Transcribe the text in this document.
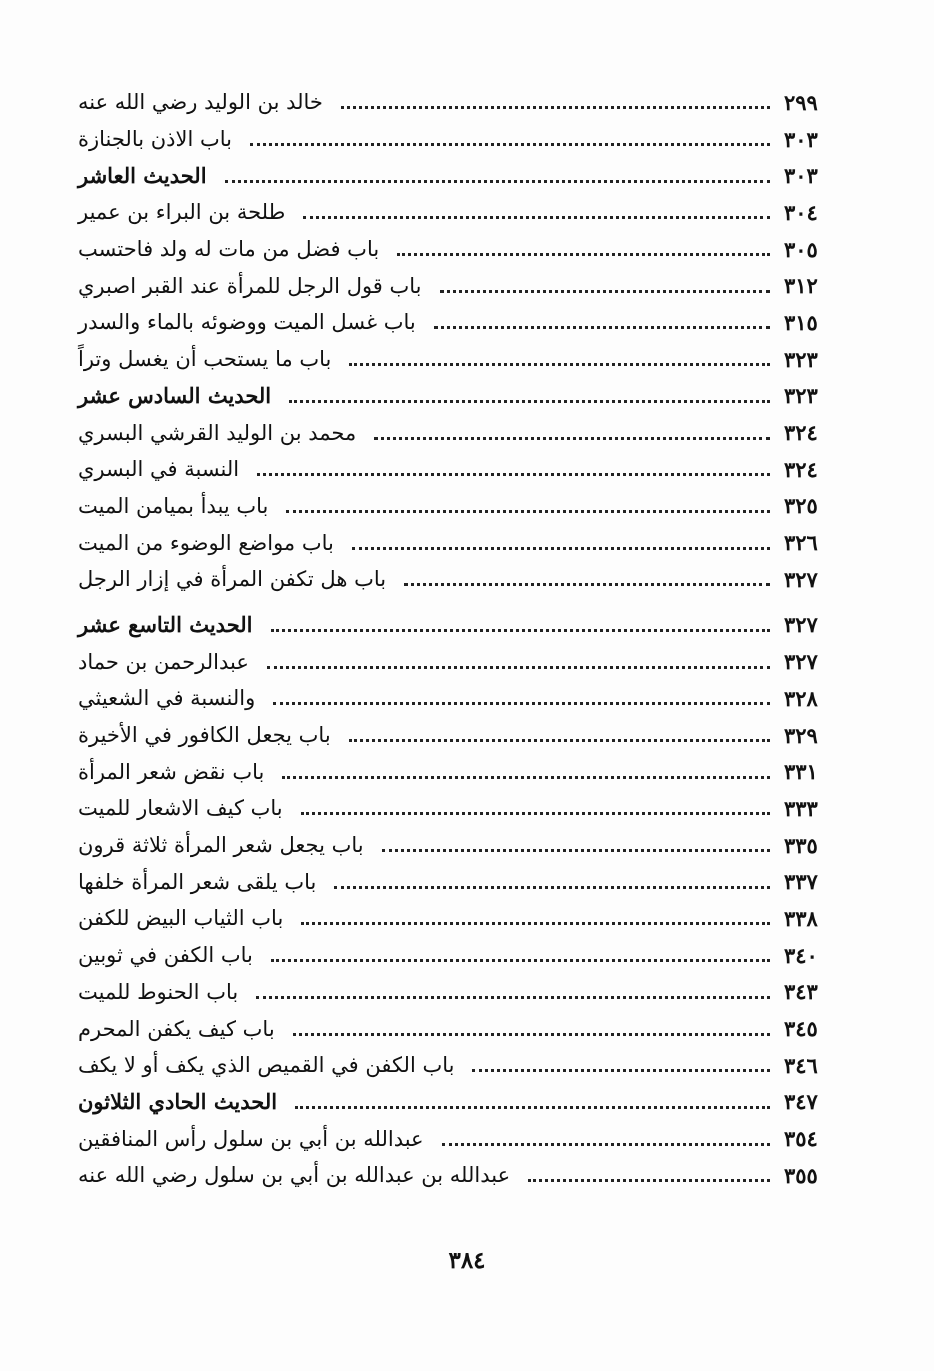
خالد بن الوليد رضي الله عنه	٢٩٩
باب الاذن بالجنازة	٣٠٣
الحديث العاشر	٣٠٣
طلحة بن البراء بن عمير	٣٠٤
باب فضل من مات له ولد فاحتسب	٣٠٥
باب قول الرجل للمرأة عند القبر اصبري	٣١٢
باب غسل الميت ووضوئه بالماء والسدر	٣١٥
باب ما يستحب أن يغسل وتراً	٣٢٣
الحديث السادس عشر	٣٢٣
محمد بن الوليد القرشي البسري	٣٢٤
النسبة في البسري	٣٢٤
باب يبدأ بميامن الميت	٣٢٥
باب مواضع الوضوء من الميت	٣٢٦
باب هل تكفن المرأة في إزار الرجل	٣٢٧
الحديث التاسع عشر	٣٢٧
عبدالرحمن بن حماد	٣٢٧
والنسبة في الشعيثي	٣٢٨
باب يجعل الكافور في الأخيرة	٣٢٩
باب نقض شعر المرأة	٣٣١
باب كيف الاشعار للميت	٣٣٣
باب يجعل شعر المرأة ثلاثة قرون	٣٣٥
باب يلقى شعر المرأة خلفها	٣٣٧
باب الثياب البيض للكفن	٣٣٨
باب الكفن في ثوبين	٣٤٠
باب الحنوط للميت	٣٤٣
باب كيف يكفن المحرم	٣٤٥
باب الكفن في القميص الذي يكف أو لا يكف	٣٤٦
الحديث الحادي الثلاثون	٣٤٧
عبدالله بن أبي بن سلول رأس المنافقين	٣٥٤
عبدالله بن عبدالله بن أبي بن سلول رضي الله عنه	٣٥٥
٣٨٤
